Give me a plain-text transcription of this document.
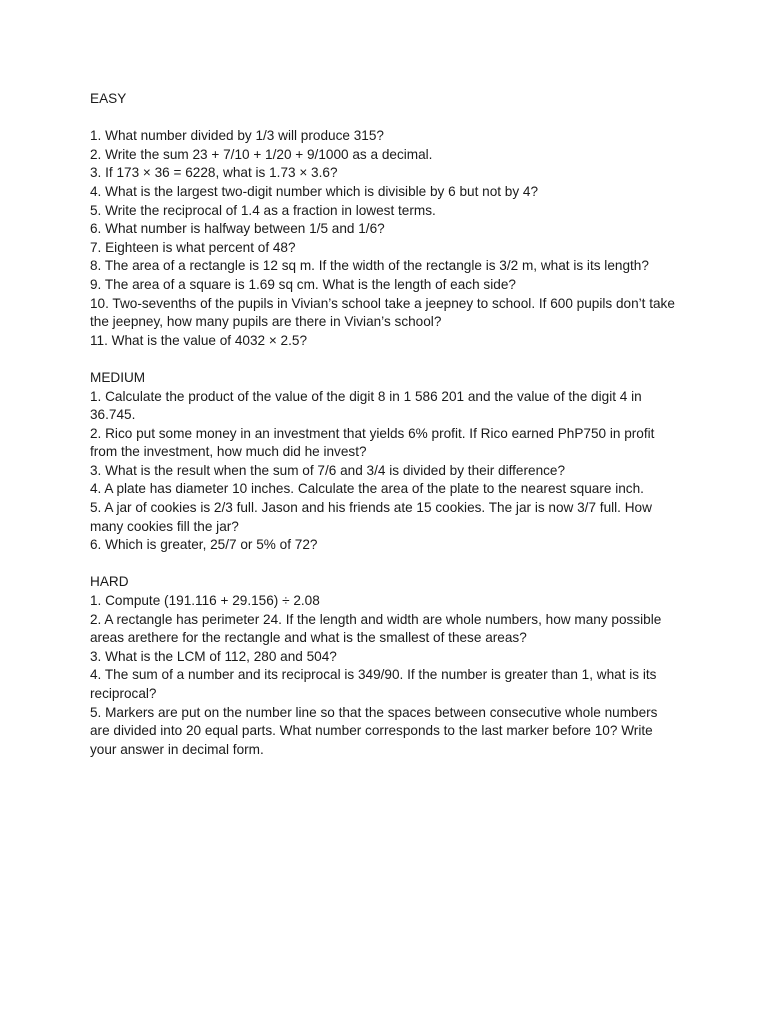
EASY
1. What number divided by 1/3 will produce 315?
2. Write the sum 23 + 7/10 + 1/20 + 9/1000 as a decimal.
3. If 173 × 36 = 6228, what is 1.73 × 3.6?
4. What is the largest two-digit number which is divisible by 6 but not by 4?
5. Write the reciprocal of 1.4 as a fraction in lowest terms.
6. What number is halfway between 1/5 and 1/6?
7. Eighteen is what percent of 48?
8. The area of a rectangle is 12 sq m. If the width of the rectangle is 3/2 m, what is its length?
9. The area of a square is 1.69 sq cm. What is the length of each side?
10. Two-sevenths of the pupils in Vivian’s school take a jeepney to school. If 600 pupils don’t take the jeepney, how many pupils are there in Vivian’s school?
11. What is the value of 4032 × 2.5?
MEDIUM
1. Calculate the product of the value of the digit 8 in 1 586 201 and the value of the digit 4 in 36.745.
2. Rico put some money in an investment that yields 6% profit. If Rico earned PhP750 in profit from the investment, how much did he invest?
3. What is the result when the sum of 7/6 and 3/4 is divided by their difference?
4. A plate has diameter 10 inches. Calculate the area of the plate to the nearest square inch.
5. A jar of cookies is 2/3 full. Jason and his friends ate 15 cookies. The jar is now 3/7 full. How many cookies fill the jar?
6. Which is greater, 25/7 or 5% of 72?
HARD
1. Compute (191.116 + 29.156) ÷ 2.08
2. A rectangle has perimeter 24. If the length and width are whole numbers, how many possible areas arethere for the rectangle and what is the smallest of these areas?
3. What is the LCM of 112, 280 and 504?
4. The sum of a number and its reciprocal is 349/90. If the number is greater than 1, what is its reciprocal?
5. Markers are put on the number line so that the spaces between consecutive whole numbers are divided into 20 equal parts. What number corresponds to the last marker before 10? Write your answer in decimal form.
